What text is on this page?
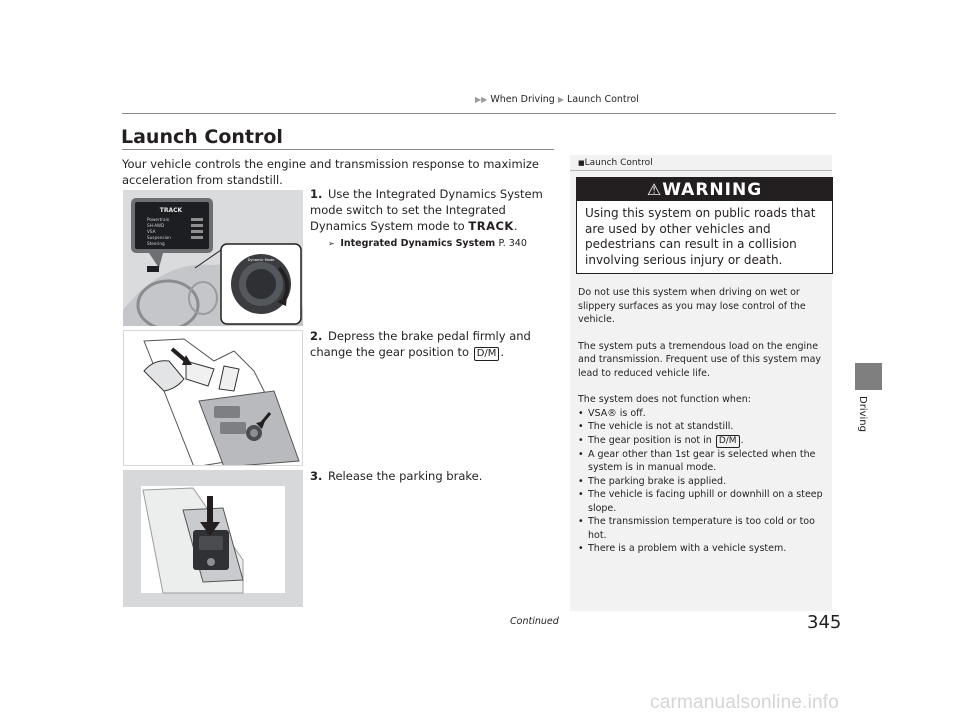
▶▶ When Driving ▶ Launch Control
Launch Control
Your vehicle controls the engine and transmission response to maximize acceleration from standstill.
TRACK
Powertrain
SH-AWD
VSA
Suspension
Steering
Dynamic Mode
1. Use the Integrated Dynamics System mode switch to set the Integrated Dynamics System mode to TRACK.
➢ Integrated Dynamics System P. 340
2. Depress the brake pedal firmly and change the gear position to D/M .
3. Release the parking brake.
■Launch Control
⚠WARNING
Using this system on public roads that are used by other vehicles and pedestrians can result in a collision involving serious injury or death.

Do not use this system when driving on wet or slippery surfaces as you may lose control of the vehicle.

The system puts a tremendous load on the engine and transmission. Frequent use of this system may lead to reduced vehicle life.

The system does not function when:

• VSA® is off.
• The vehicle is not at standstill.
• The gear position is not in D/M .
• A gear other than 1st gear is selected when the system is in manual mode.
• The parking brake is applied.
• The vehicle is facing uphill or downhill on a steep slope.
• The transmission temperature is too cold or too hot.
• There is a problem with a vehicle system.
Driving
Continued	345
carmanualsonline.info
